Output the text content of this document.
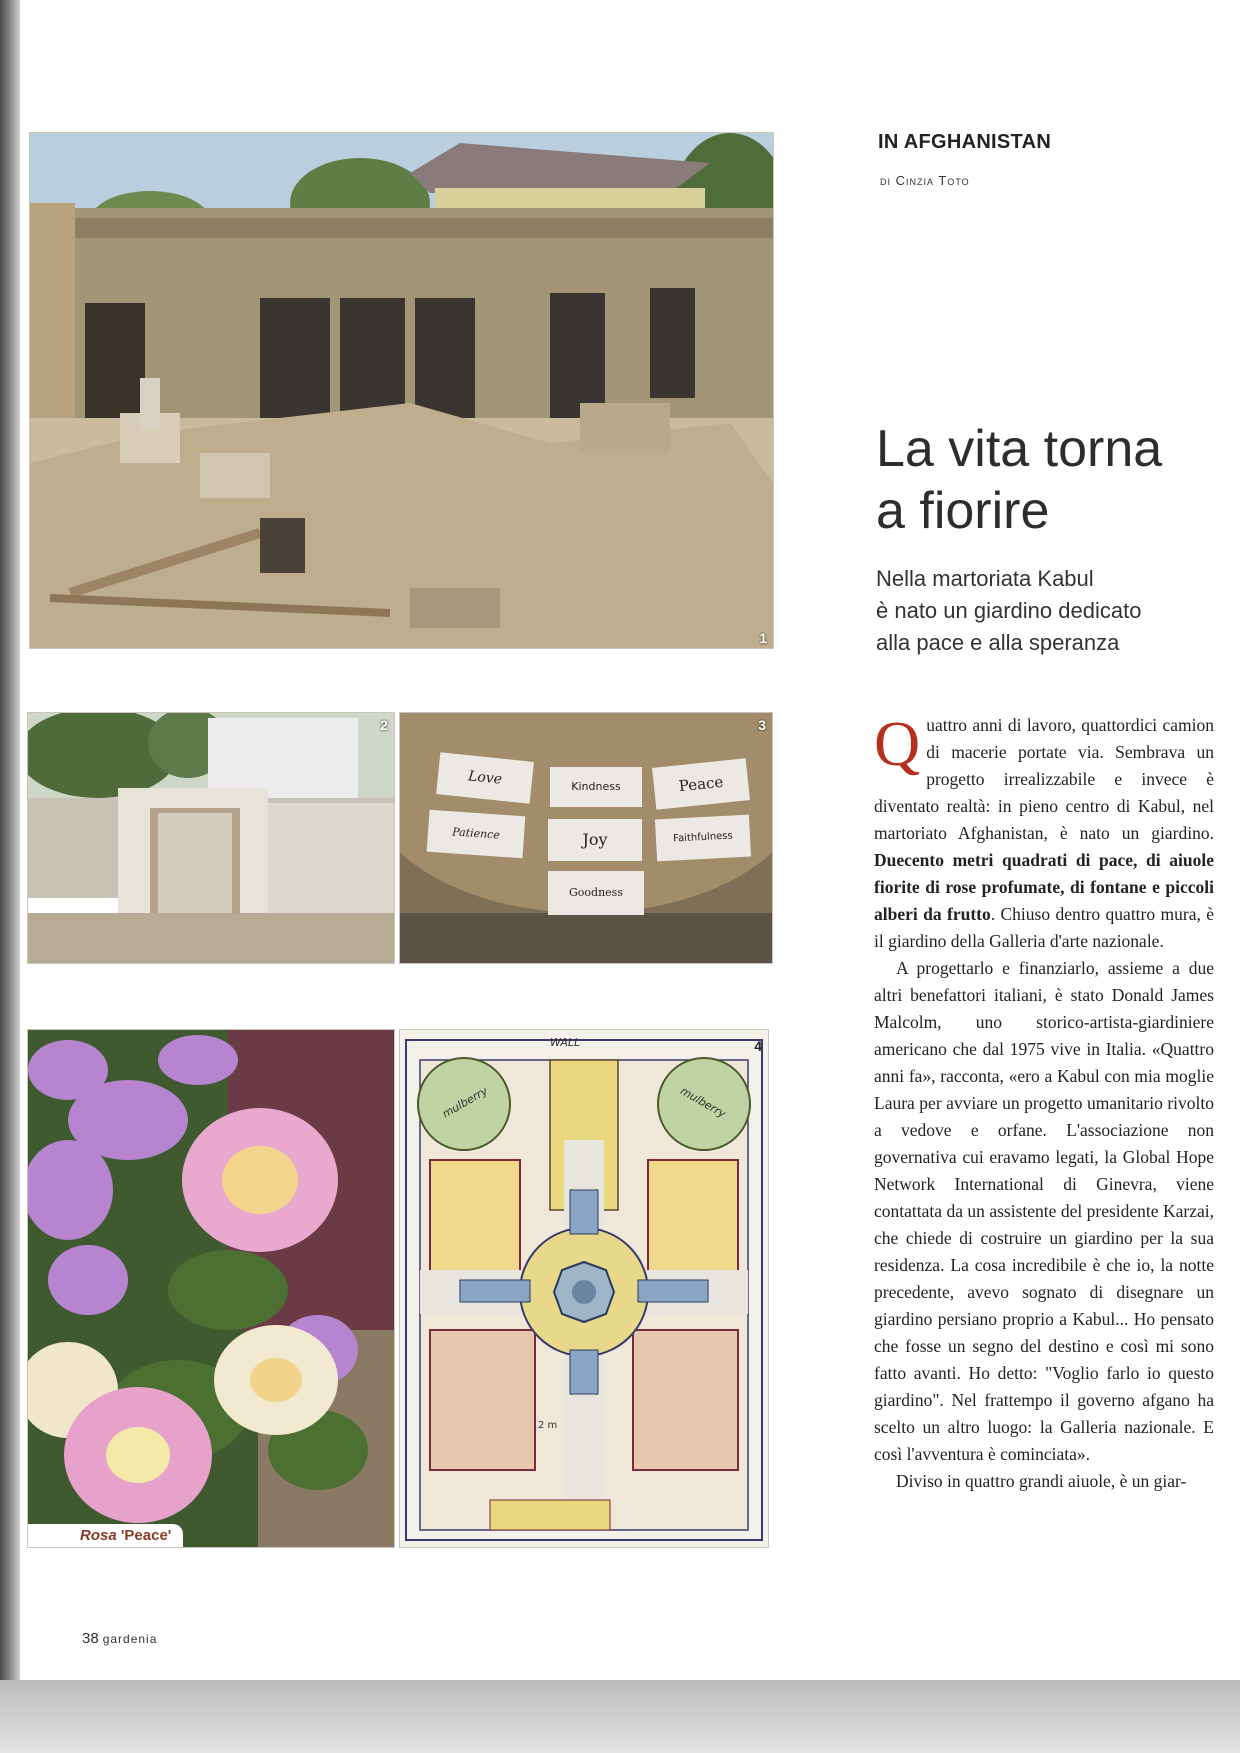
1
2
Love	Kindness	Peace
Patience	Joy	Faithfulness
Goodness
3
Rosa 'Peace'
WALL
mulberry	mulberry
2 m
4
IN AFGHANISTAN
di Cinzia Toto
La vita torna
a fiorire
Nella martoriata Kabul
è nato un giardino dedicato
alla pace e alla speranza

Quattro anni di lavoro, quattordici camion di macerie portate via. Sembrava un progetto irrealizzabile e invece è diventato realtà: in pieno centro di Kabul, nel martoriato Afghanistan, è nato un giardino. Duecento metri quadrati di pace, di aiuole fiorite di rose profumate, di fontane e piccoli alberi da frutto. Chiuso dentro quattro mura, è il giardino della Galleria d'arte nazionale.

A progettarlo e finanziarlo, assieme a due altri benefattori italiani, è stato Donald James Malcolm, uno storico-artista-giardiniere americano che dal 1975 vive in Italia. «Quattro anni fa», racconta, «ero a Kabul con mia moglie Laura per avviare un progetto umanitario rivolto a vedove e orfane. L'associazione non governativa cui eravamo legati, la Global Hope Network International di Ginevra, viene contattata da un assistente del presidente Karzai, che chiede di costruire un giardino per la sua residenza. La cosa incredibile è che io, la notte precedente, avevo sognato di disegnare un giardino persiano proprio a Kabul... Ho pensato che fosse un segno del destino e così mi sono fatto avanti. Ho detto: "Voglio farlo io questo giardino". Nel frattempo il governo afgano ha scelto un altro luogo: la Galleria nazionale. E così l'avventura è cominciata».

Diviso in quattro grandi aiuole, è un giar-

38 gardenia
